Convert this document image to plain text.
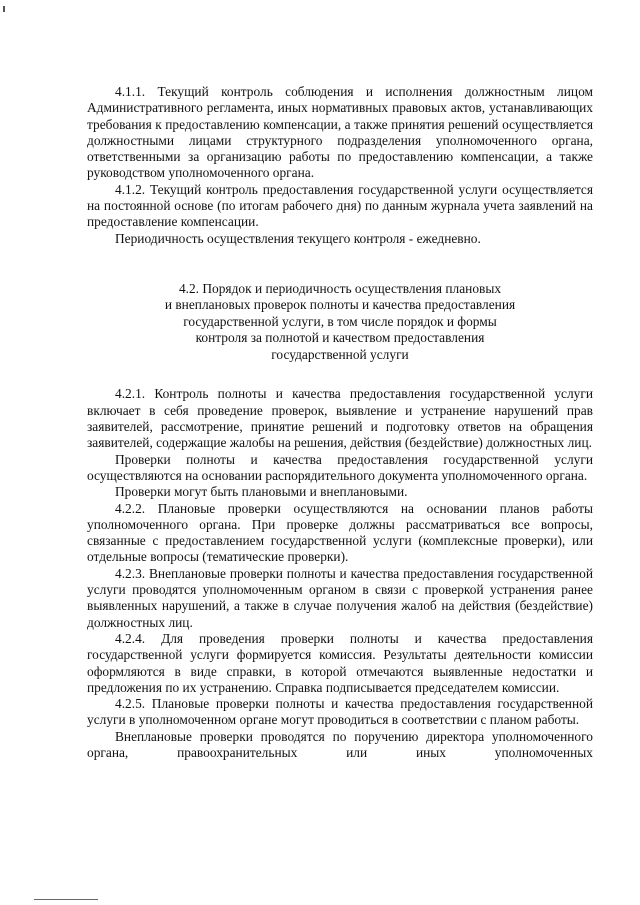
4.1.1. Текущий контроль соблюдения и исполнения должностным лицом Административного регламента, иных нормативных правовых актов, устанавливающих требования к предоставлению компенсации, а также принятия решений осуществляется должностными лицами структурного подразделения уполномоченного органа, ответственными за организацию работы по предоставлению компенсации, а также руководством уполномоченного органа.

4.1.2. Текущий контроль предоставления государственной услуги осуществляется на постоянной основе (по итогам рабочего дня) по данным журнала учета заявлений на предоставление компенсации.

Периодичность осуществления текущего контроля - ежедневно.

4.2. Порядок и периодичность осуществления плановых
и внеплановых проверок полноты и качества предоставления
государственной услуги, в том числе порядок и формы
контроля за полнотой и качеством предоставления
государственной услуги

4.2.1. Контроль полноты и качества предоставления государственной услуги включает в себя проведение проверок, выявление и устранение нарушений прав заявителей, рассмотрение, принятие решений и подготовку ответов на обращения заявителей, содержащие жалобы на решения, действия (бездействие) должностных лиц.

Проверки полноты и качества предоставления государственной услуги осуществляются на основании распорядительного документа уполномоченного органа.

Проверки могут быть плановыми и внеплановыми.

4.2.2. Плановые проверки осуществляются на основании планов работы уполномоченного органа. При проверке должны рассматриваться все вопросы, связанные с предоставлением государственной услуги (комплексные проверки), или отдельные вопросы (тематические проверки).

4.2.3. Внеплановые проверки полноты и качества предоставления государственной услуги проводятся уполномоченным органом в связи с проверкой устранения ранее выявленных нарушений, а также в случае получения жалоб на действия (бездействие) должностных лиц.

4.2.4. Для проведения проверки полноты и качества предоставления государственной услуги формируется комиссия. Результаты деятельности комиссии оформляются в виде справки, в которой отмечаются выявленные недостатки и предложения по их устранению. Справка подписывается председателем комиссии.

4.2.5. Плановые проверки полноты и качества предоставления государственной услуги в уполномоченном органе могут проводиться в соответствии с планом работы.

Внеплановые проверки проводятся по поручению директора уполномоченного органа, правоохранительных или иных уполномоченных
